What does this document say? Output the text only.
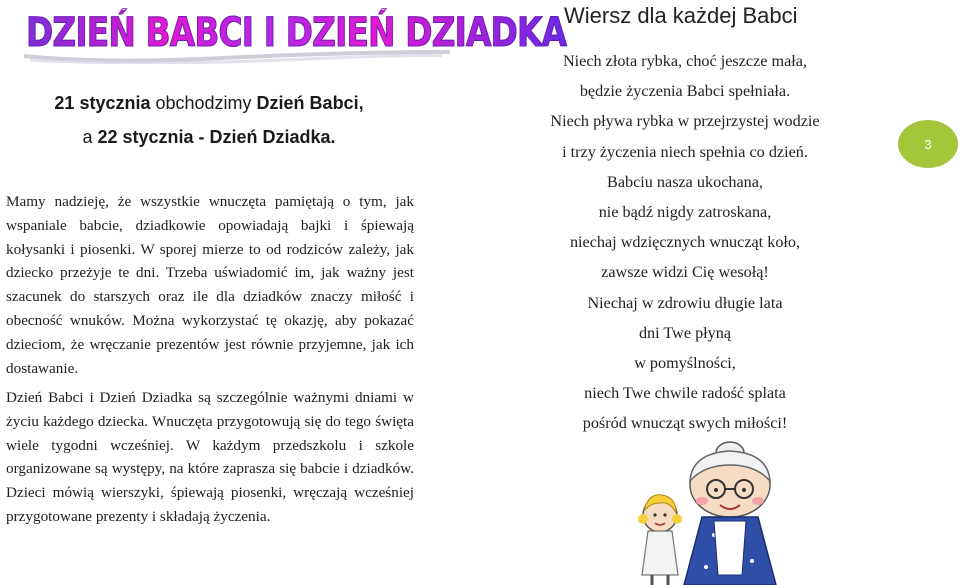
DZIEŃ BABCI I DZIEŃ DZIADKA
21 stycznia obchodzimy Dzień Babci,
a 22 stycznia - Dzień Dziadka.

Mamy nadzieję, że wszystkie wnuczęta pamiętają o tym, jak wspaniale babcie, dziadkowie opowiadają bajki i śpiewają kołysanki i piosenki. W sporej mierze to od rodziców zależy, jak dziecko przeżyje te dni. Trzeba uświadomić im, jak ważny jest szacunek do starszych oraz ile dla dziadków znaczy miłość i obecność wnuków. Można wykorzystać tę okazję, aby pokazać dzieciom, że wręczanie prezentów jest równie przyjemne, jak ich dostawanie.

Dzień Babci i Dzień Dziadka są szczególnie ważnymi dniami w życiu każdego dziecka. Wnuczęta przygotowują się do tego święta wiele tygodni wcześniej. W każdym przedszkolu i szkole organizowane są występy, na które zaprasza się babcie i dziadków. Dzieci mówią wierszyki, śpiewają piosenki, wręczają wcześniej przygotowane prezenty i składają życzenia.

Wiersz dla każdej Babci
Niech złota rybka, choć jeszcze mała,
będzie życzenia Babci spełniała.
Niech pływa rybka w przejrzystej wodzie
i trzy życzenia niech spełnia co dzień.
Babciu nasza ukochana,
nie bądź nigdy zatroskana,
niechaj wdzięcznych wnucząt koło,
zawsze widzi Cię wesołą!
Niechaj w zdrowiu długie lata
dni Twe płyną
w pomyślności,
niech Twe chwile radość splata
pośród wnucząt swych miłości!
3
